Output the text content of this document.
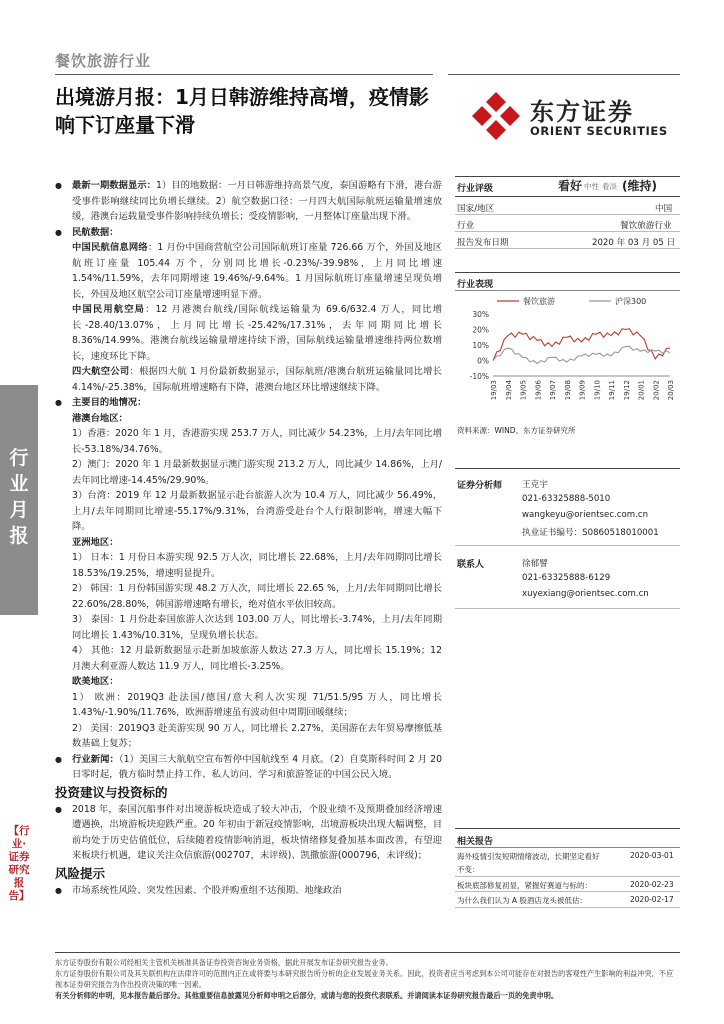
餐饮旅游行业
出境游月报：1月日韩游维持高增，疫情影响下订座量下滑	东方证券
ORIENT SECURITIES
行业月报
【行业·证券研究报告】
● 最新一期数据显示：1）目的地数据：一月日韩游维持高景气度，泰国游略有下滑，港台游受事件影响继续同比负增长继续。2）航空数据口径：一月四大航国际航班运输量增速放缓，港澳台运载量受事件影响持续负增长；受疫情影响，一月整体订座量出现下滑。
● 民航数据：
中国民航信息网络：1 月份中国商营航空公司国际航班订座量 726.66 万个，外国及地区航班订座量 105.44 万个，分别同比增长-0.23%/-39.98%，上月同比增速 1.54%/11.59%，去年同期增速 19.46%/-9.64%。1 月国际航班订座量增速呈现负增长，外国及地区航空公司订座量增速明显下滑。
中国民用航空局：12 月港澳台航线/国际航线运输量为 69.6/632.4 万人，同比增长-28.40/13.07%，上月同比增长-25.42%/17.31%，去年同期同比增长 8.36%/14.99%。港澳台航线运输量增速持续下滑，国际航线运输量增速维持两位数增长，速度环比下降。
四大航空公司：根据四大航 1 月份最新数据显示，国际航班/港澳台航班运输量同比增长 4.14%/-25.38%，国际航班增速略有下降，港澳台地区环比增速继续下降。
● 主要目的地情况：
港澳台地区：
1）香港：2020 年 1 月，香港游实现 253.7 万人，同比减少 54.23%，上月/去年同比增长-53.18%/34.76%。
2）澳门：2020 年 1 月最新数据显示澳门游实现 213.2 万人，同比减少 14.86%，上月/去年同比增速-14.45%/29.90%。
3）台湾：2019 年 12 月最新数据显示赴台旅游人次为 10.4 万人，同比减少 56.49%，上月/去年同期同比增速-55.17%/9.31%，台湾游受赴台个人行限制影响，增速大幅下降。
亚洲地区：
1） 日本：1 月份日本游实现 92.5 万人次，同比增长 22.68%，上月/去年同期同比增长 18.53%/19.25%，增速明显提升。
2） 韩国：1 月份韩国游实现 48.2 万人次，同比增长 22.65 %，上月/去年同期同比增长 22.60%/28.80%，韩国游增速略有增长，绝对值水平依旧较高。
3） 泰国：1 月份赴泰国旅游人次达到 103.00 万人，同比增长-3.74%，上月/去年同期同比增长 1.43%/10.31%，呈现负增长状态。
4） 其他：12 月最新数据显示赴新加坡旅游人数达 27.3 万人，同比增长 15.19%；12 月澳大利亚游人数达 11.9 万人，同比增长-3.25%。
欧美地区：
1） 欧洲：2019Q3 赴法国/德国/意大利人次实现 71/51.5/95 万人，同比增长 1.43%/-1.90%/11.76%，欧洲游增速虽有波动但中周期回暖继续；
2） 美国：2019Q3 赴美游实现 90 万人，同比增长 2.27%，美国游在去年贸易摩擦低基数基础上复苏；
● 行业新闻：（1）美国三大航航空宣布暂停中国航线至 4 月底。（2）自莫斯科时间 2 月 20 日零时起，俄方临时禁止持工作、私人访问、学习和旅游签证的中国公民入境。
投资建议与投资标的
● 2018 年，泰国沉船事件对出境游板块造成了较大冲击，个股业绩不及预期叠加经济增速遭遇换，出境游板块迎跌严重。20 年初由于新冠疫情影响，出境游板块出现大幅调整，目前均处于历史估值低位，后续随着疫情影响消退，板块情绪修复叠加基本面改善，有望迎来板块行机遇，建议关注众信旅游(002707，未评级)、凯撒旅游(000796，未评级)；
风险提示
● 市场系统性风险、突发性因素、个股并购重组不达预期、地缘政治
行业评级	看好 中性 看淡 (维持)
国家/地区	中国
行业	餐饮旅游行业
报告发布日期	2020 年 03 月 05 日
行业表现
餐饮旅游	沪深300
30%
20%
10%
0%
-10%
19/03 19/04 19/05 19/06 19/07 19/08 19/09 19/10 19/11 19/12 20/01 20/02 20/03
资料来源：WIND、东方证券研究所
证券分析师 王克宇
021-63325888-5010
wangkeyu@orientsec.com.cn
执业证书编号：S0860518010001
联系人	徐郁譬
021-63325888-6129
xuyexiang@orientsec.com.cn
相关报告
海外疫情引发短期情绪波动，长期坚定看好	2020-03-01
不变：
板块底部修复初显，紧握好赛道与标的：	2020-02-23
为什么我们认为 A 股酒店龙头被低估：	2020-02-17
东方证券股份有限公司经相关主管机关核准具备证券投资咨询业务资格，据此开展发布证券研究报告业务。
东方证券股份有限公司及其关联机构在法律许可的范围内正在或将要与本研究报告所分析的企业发展业务关系。因此，投资者应当考虑到本公司可能存在对报告的客观性产生影响的利益冲突，不应视本证券研究报告为作出投资决策的唯一因素。
有关分析师的申明，见本报告最后部分。其他重要信息披露见分析师申明之后部分，或请与您的投资代表联系。并请阅读本证券研究报告最后一页的免责申明。
